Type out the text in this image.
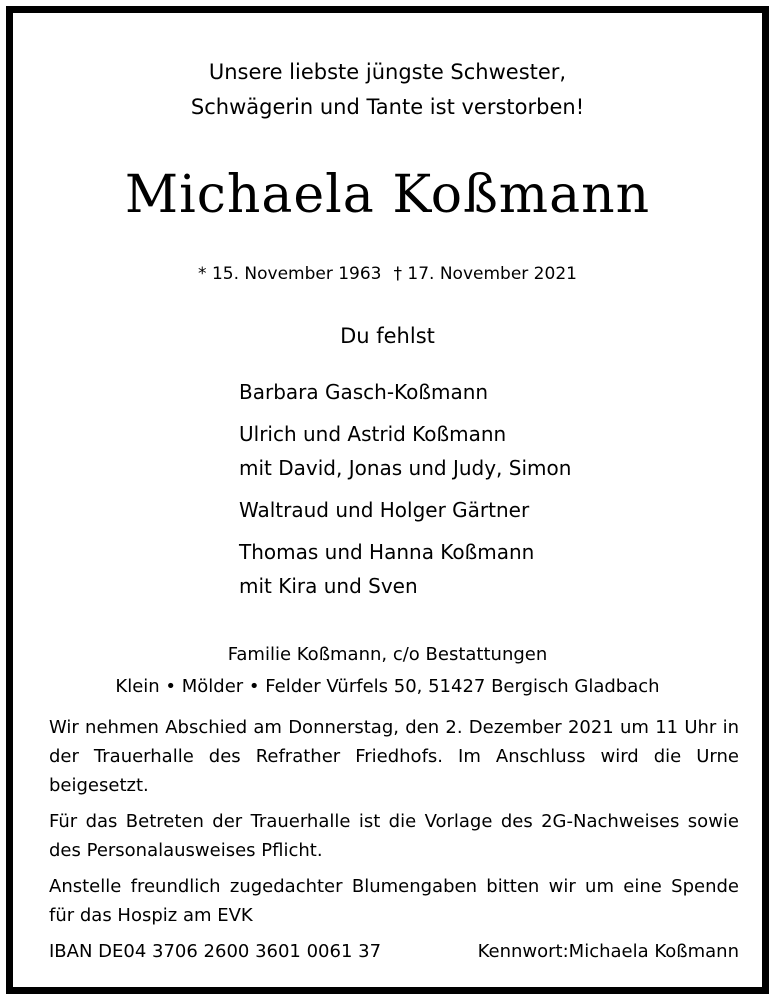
Unsere liebste jüngste Schwester,
Schwägerin und Tante ist verstorben!
Michaela Koßmann
* 15. November 1963 † 17. November 2021
Du fehlst
Barbara Gasch-Koßmann
Ulrich und Astrid Koßmann
mit David, Jonas und Judy, Simon
Waltraud und Holger Gärtner
Thomas und Hanna Koßmann
mit Kira und Sven
Familie Koßmann, c/o Bestattungen
Klein • Mölder • Felder Vürfels 50, 51427 Bergisch Gladbach

Wir nehmen Abschied am Donnerstag, den 2. Dezember 2021 um 11 Uhr in der Trauerhalle des Refrather Friedhofs. Im Anschluss wird die Urne beigesetzt.

Für das Betreten der Trauerhalle ist die Vorlage des 2G-Nachweises sowie des Personalausweises Pflicht.

Anstelle freundlich zugedachter Blumengaben bitten wir um eine Spende für das Hospiz am EVK

IBAN DE04 3706 2600 3601 0061 37	Kennwort:Michaela Koßmann
